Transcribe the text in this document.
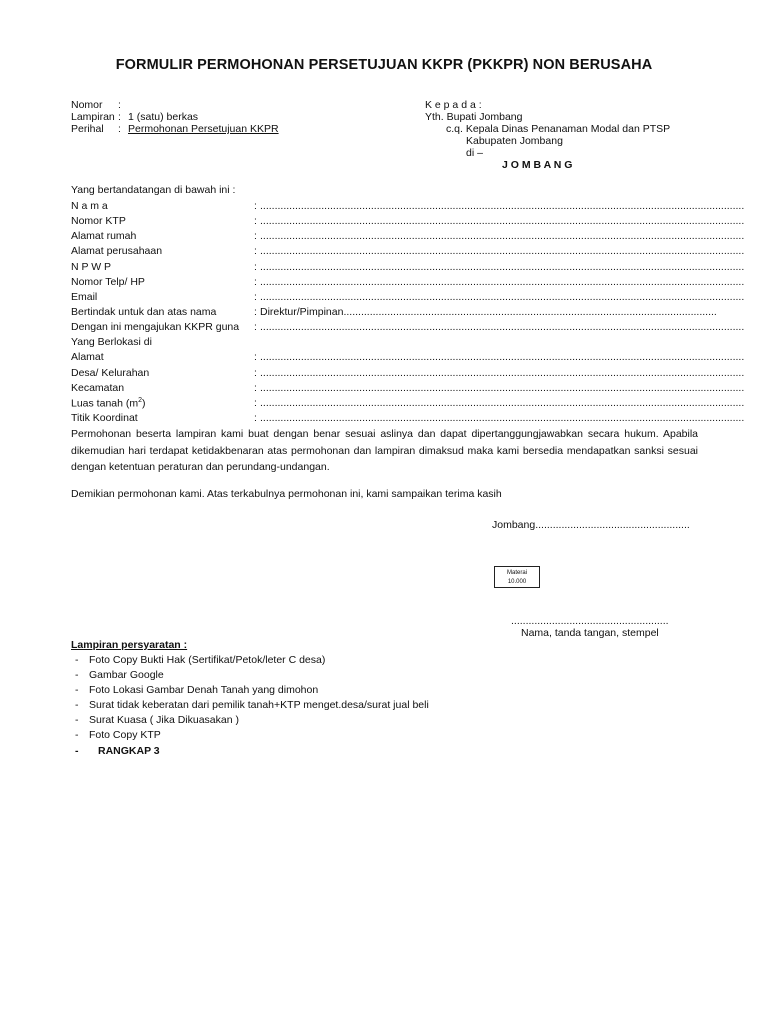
FORMULIR PERMOHONAN PERSETUJUAN KKPR (PKKPR) NON BERUSAHA
Nomor :
Lampiran : 1 (satu) berkas
Perihal : Permohonan Persetujuan KKPR
K e p a d a :
Yth. Bupati Jombang
c.q. Kepala Dinas Penanaman Modal dan PTSP
Kabupaten Jombang
di –
J O M B A N G
Yang bertandatangan di bawah ini :
N a m a	: ......................................................................................................................................................................
Nomor KTP	: ......................................................................................................................................................................
Alamat rumah	: ......................................................................................................................................................................
Alamat perusahaan	: ......................................................................................................................................................................
N P W P	: ......................................................................................................................................................................
Nomor Telp/ HP	: ......................................................................................................................................................................
Email	: ......................................................................................................................................................................
Bertindak untuk dan atas nama	: Direktur/Pimpinan................................................................................................................................
Dengan ini mengajukan KKPR guna : ......................................................................................................................................................................
Yang Berlokasi di
Alamat	: ......................................................................................................................................................................
Desa/ Kelurahan	: ......................................................................................................................................................................
Kecamatan	: ......................................................................................................................................................................
Luas tanah $(m^2)$	: ......................................................................................................................................................................
Titik Koordinat	: ......................................................................................................................................................................
Permohonan beserta lampiran kami buat dengan benar sesuai aslinya dan dapat dipertanggungjawabkan secara hukum. Apabila dikemudian hari terdapat ketidakbenaran atas permohonan dan lampiran dimaksud maka kami bersedia mendapatkan sanksi sesuai dengan ketentuan peraturan dan perundang-undangan.
Demikian permohonan kami. Atas terkabulnya permohonan ini, kami sampaikan terima kasih
Jombang.....................................................
Materai
10.000
......................................................
Nama, tanda tangan, stempel
Lampiran persyaratan :
- Foto Copy Bukti Hak (Sertifikat/Petok/leter C desa)
- Gambar Google
- Foto Lokasi Gambar Denah Tanah yang dimohon
- Surat tidak keberatan dari pemilik tanah+KTP menget.desa/surat jual beli
- Surat Kuasa ( Jika Dikuasakan )
- Foto Copy KTP
- RANGKAP 3
